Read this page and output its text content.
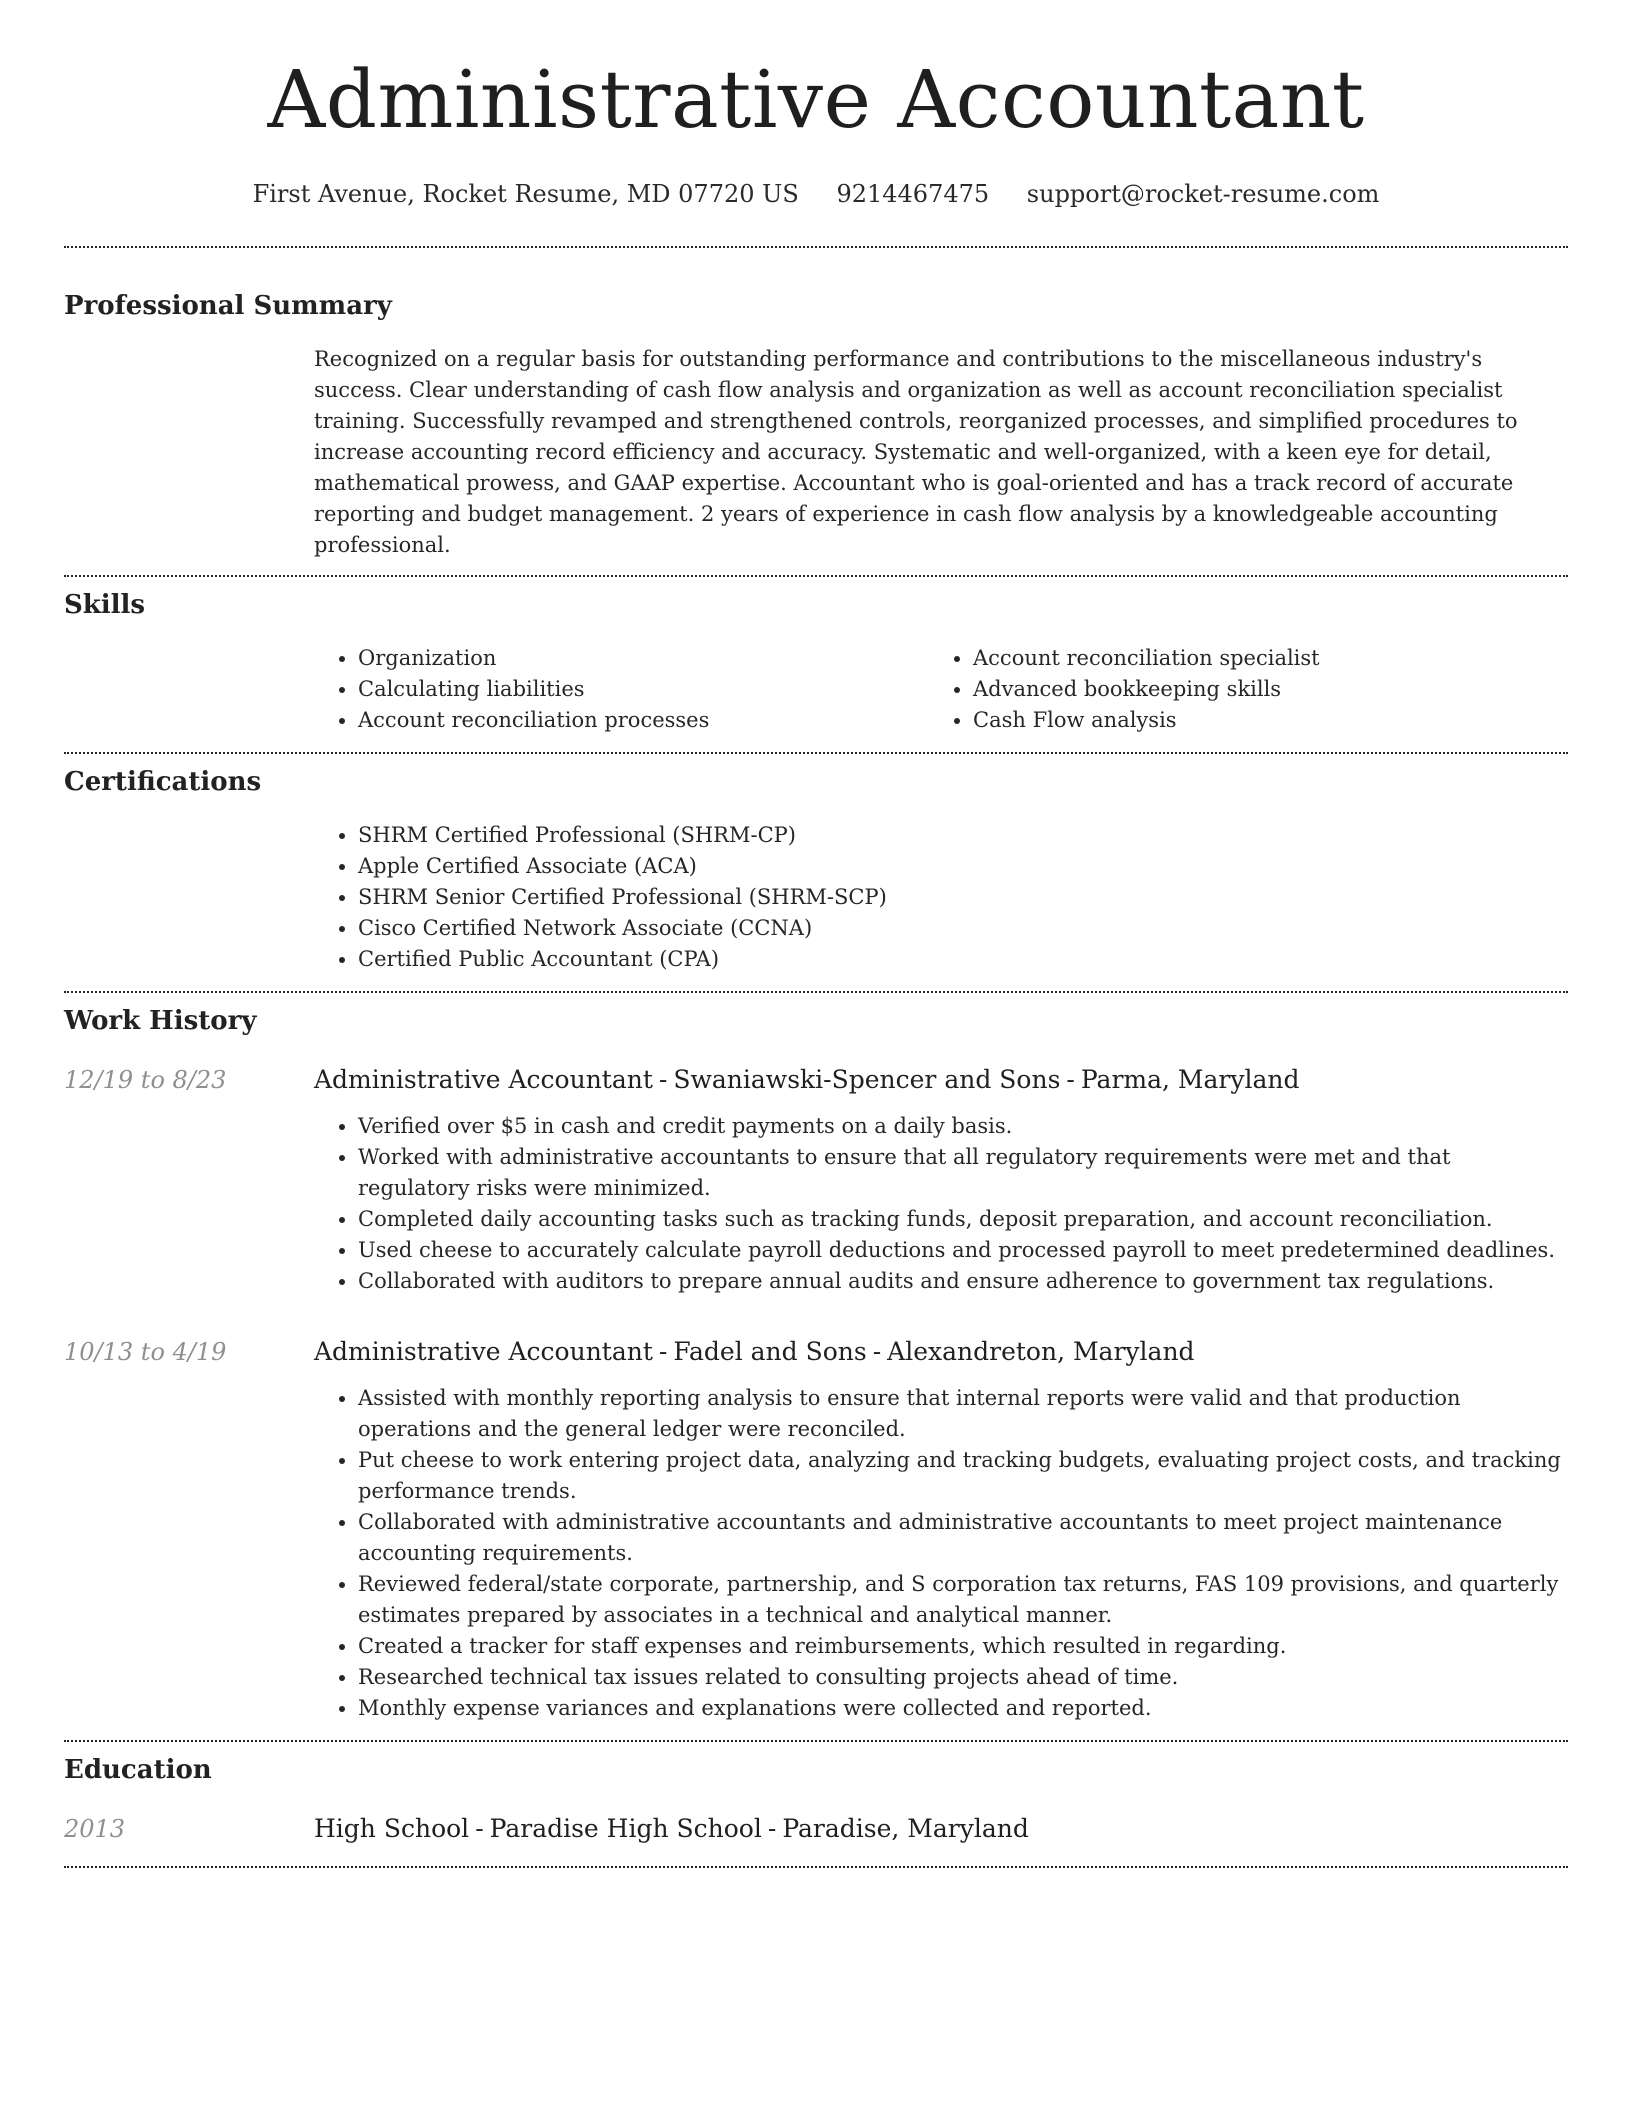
Administrative Accountant
First Avenue, Rocket Resume, MD 07720 US 9214467475 support@rocket-resume.com
Professional Summary

Recognized on a regular basis for outstanding performance and contributions to the miscellaneous industry's success. Clear understanding of cash flow analysis and organization as well as account reconciliation specialist training. Successfully revamped and strengthened controls, reorganized processes, and simplified procedures to increase accounting record efficiency and accuracy. Systematic and well-organized, with a keen eye for detail, mathematical prowess, and GAAP expertise. Accountant who is goal-oriented and has a track record of accurate reporting and budget management. 2 years of experience in cash flow analysis by a knowledgeable accounting professional.

Skills
• Organization
• Calculating liabilities
• Account reconciliation processes
• Account reconciliation specialist
• Advanced bookkeeping skills
• Cash Flow analysis
Certifications
• SHRM Certified Professional (SHRM-CP)
• Apple Certified Associate (ACA)
• SHRM Senior Certified Professional (SHRM-SCP)
• Cisco Certified Network Associate (CCNA)
• Certified Public Accountant (CPA)
Work History
12/19 to 8/23	Administrative Accountant - Swaniawski-Spencer and Sons - Parma, Maryland
• Verified over $5 in cash and credit payments on a daily basis.
• Worked with administrative accountants to ensure that all regulatory requirements were met and that regulatory risks were minimized.
• Completed daily accounting tasks such as tracking funds, deposit preparation, and account reconciliation.
• Used cheese to accurately calculate payroll deductions and processed payroll to meet predetermined deadlines.
• Collaborated with auditors to prepare annual audits and ensure adherence to government tax regulations.
10/13 to 4/19	Administrative Accountant - Fadel and Sons - Alexandreton, Maryland
• Assisted with monthly reporting analysis to ensure that internal reports were valid and that production operations and the general ledger were reconciled.
• Put cheese to work entering project data, analyzing and tracking budgets, evaluating project costs, and tracking performance trends.
• Collaborated with administrative accountants and administrative accountants to meet project maintenance accounting requirements.
• Reviewed federal/state corporate, partnership, and S corporation tax returns, FAS 109 provisions, and quarterly estimates prepared by associates in a technical and analytical manner.
• Created a tracker for staff expenses and reimbursements, which resulted in regarding.
• Researched technical tax issues related to consulting projects ahead of time.
• Monthly expense variances and explanations were collected and reported.
Education
2013	High School - Paradise High School - Paradise, Maryland
